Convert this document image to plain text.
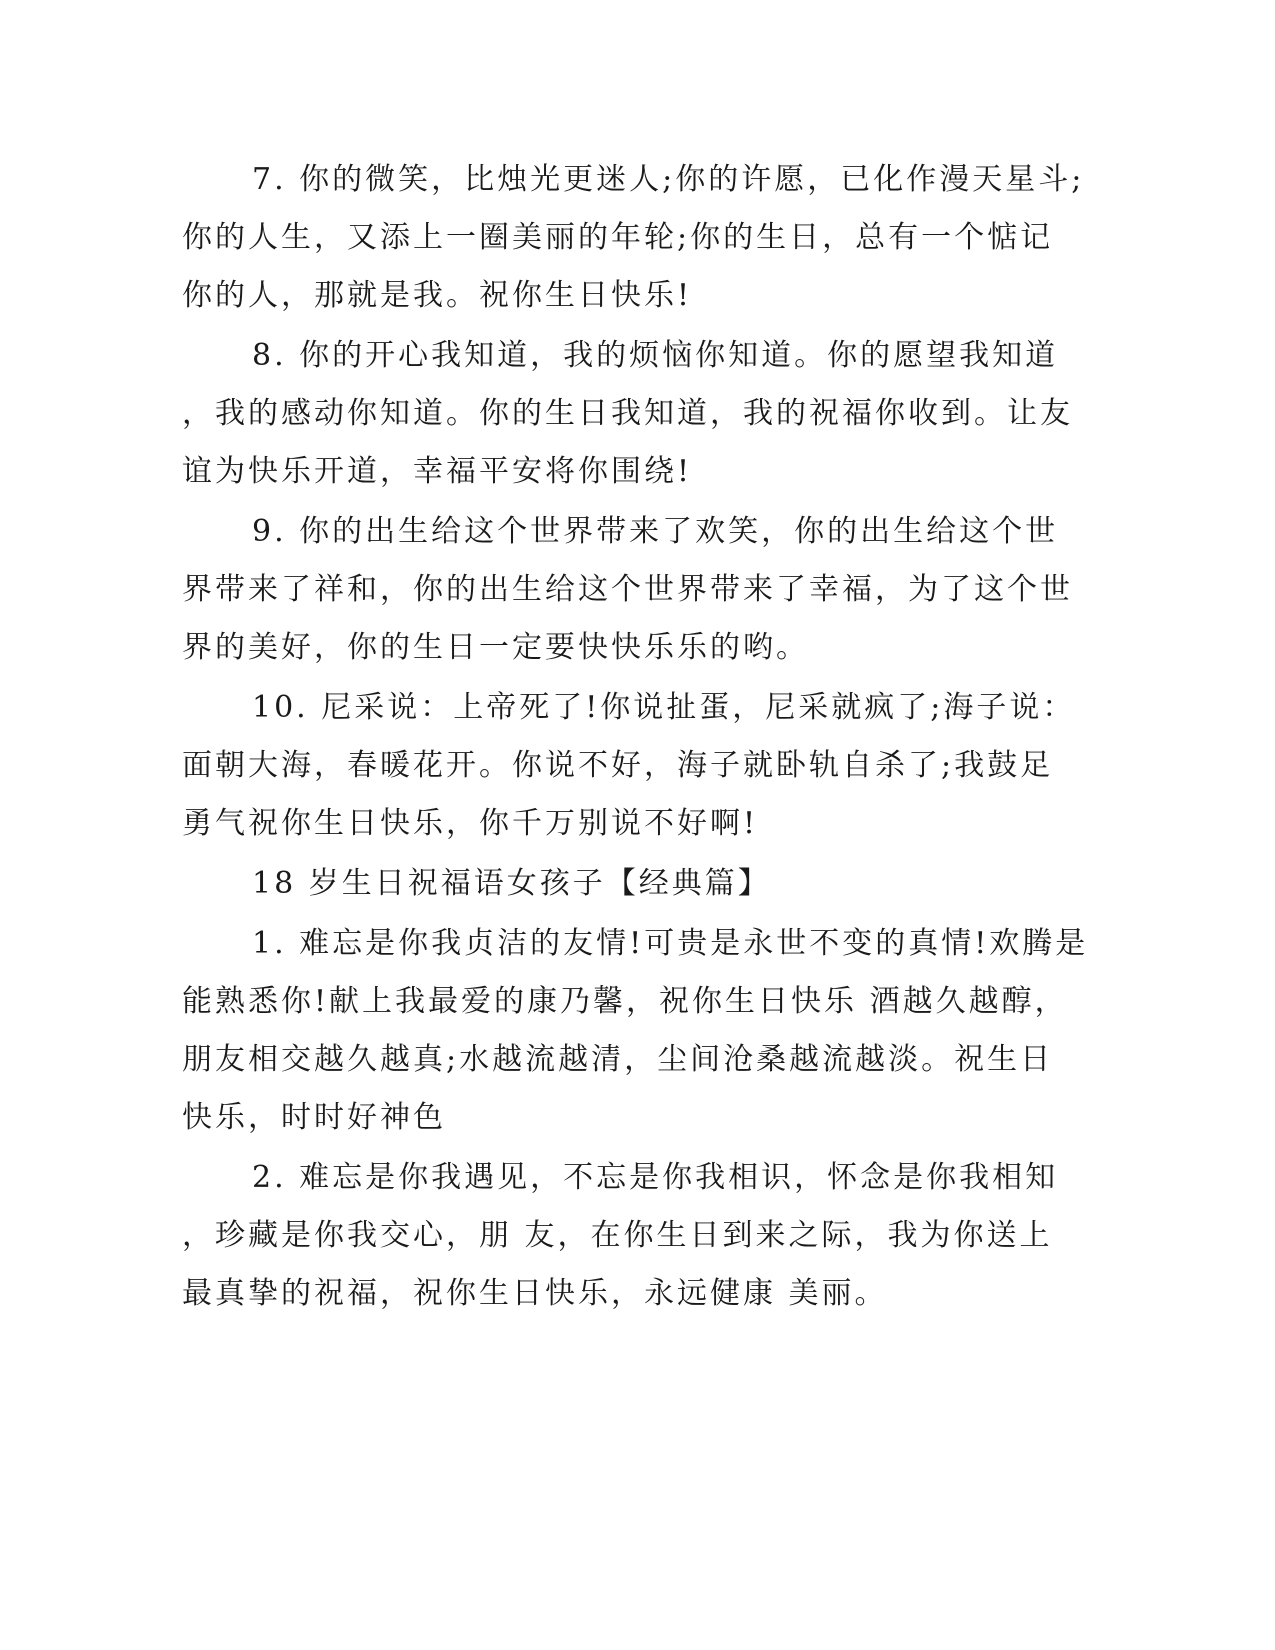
7. 你的微笑，比烛光更迷人;你的许愿，已化作漫天星斗;
你的人生，又添上一圈美丽的年轮;你的生日，总有一个惦记
你的人，那就是我。祝你生日快乐!
8. 你的开心我知道，我的烦恼你知道。你的愿望我知道
，我的感动你知道。你的生日我知道，我的祝福你收到。让友
谊为快乐开道，幸福平安将你围绕!
9. 你的出生给这个世界带来了欢笑，你的出生给这个世
界带来了祥和，你的出生给这个世界带来了幸福，为了这个世
界的美好，你的生日一定要快快乐乐的哟。
10. 尼采说：上帝死了!你说扯蛋，尼采就疯了;海子说：
面朝大海，春暖花开。你说不好，海子就卧轨自杀了;我鼓足
勇气祝你生日快乐，你千万别说不好啊!
18 岁生日祝福语女孩子【经典篇】
1. 难忘是你我贞洁的友情!可贵是永世不变的真情!欢腾是
能熟悉你!献上我最爱的康乃馨，祝你生日快乐 酒越久越醇，
朋友相交越久越真;水越流越清，尘间沧桑越流越淡。祝生日
快乐，时时好神色
2. 难忘是你我遇见，不忘是你我相识，怀念是你我相知
，珍藏是你我交心，朋 友，在你生日到来之际，我为你送上
最真挚的祝福，祝你生日快乐，永远健康 美丽。
